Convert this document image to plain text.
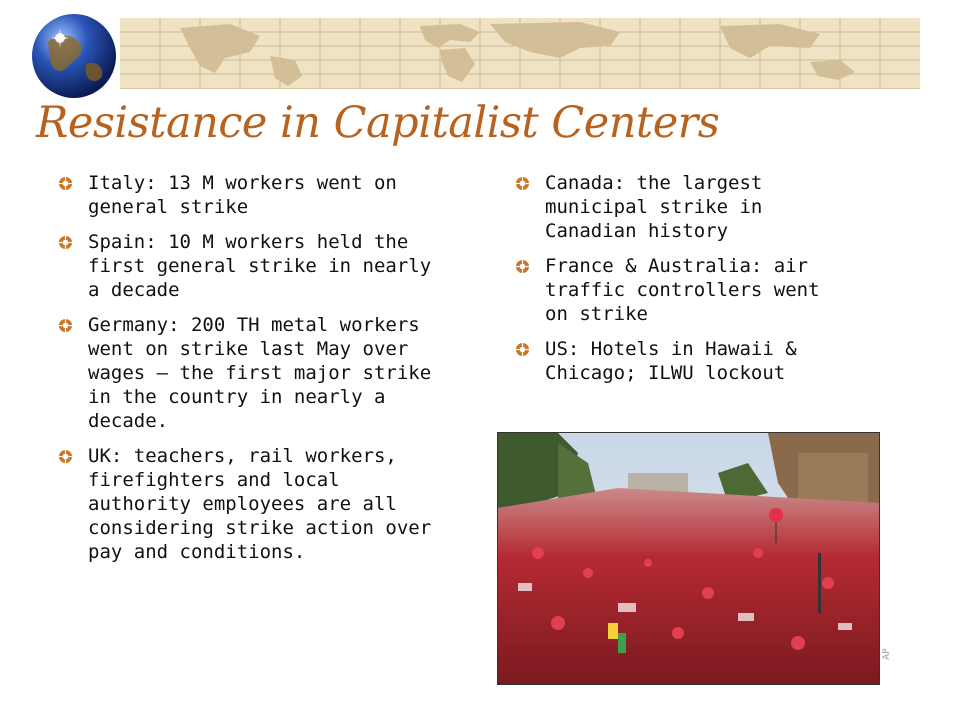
Resistance in Capitalist Centers
Italy: 13 M workers went on general strike
Spain: 10 M workers held the first general strike in nearly a decade
Germany: 200 TH metal workers went on strike last May over wages – the first major strike in the country in nearly a decade.
UK: teachers, rail workers, firefighters and local authority employees are all considering strike action over pay and conditions.
Canada: the largest municipal strike in Canadian history
France & Australia: air traffic controllers went on strike
US: Hotels in Hawaii & Chicago; ILWU lockout
AP
